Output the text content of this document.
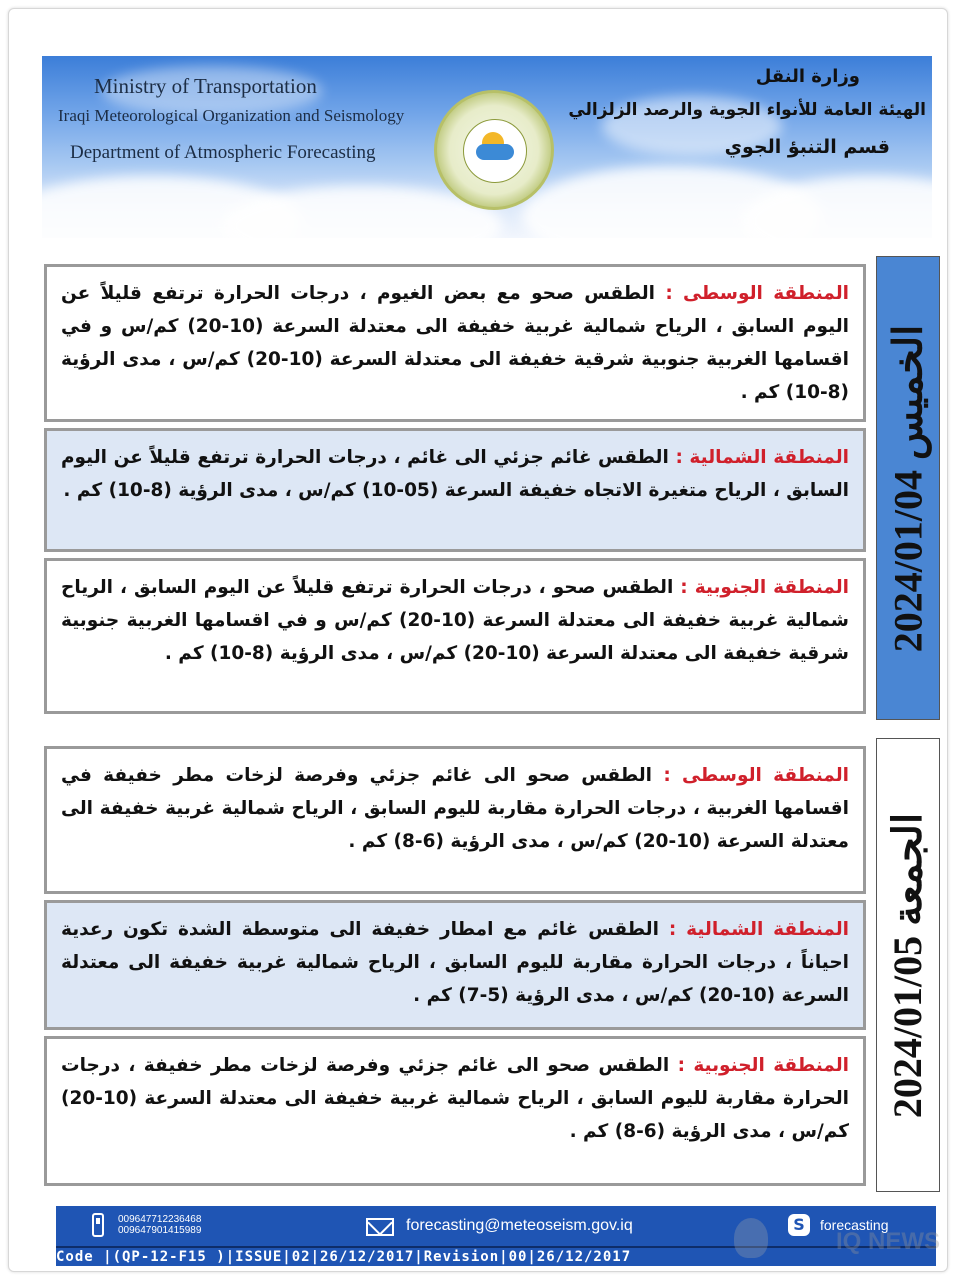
Ministry of Transportation
Iraqi Meteorological Organization and Seismology
Department of Atmospheric Forecasting
وزارة النقل
الهيئة العامة للأنواء الجوية والرصد الزلزالي
قسم التنبؤ الجوي
الخميس 2024/01/04
المنطقة الوسطى : الطقس صحو مع بعض الغيوم ، درجات الحرارة ترتفع قليلاً عن اليوم السابق ، الرياح شمالية غربية خفيفة الى معتدلة السرعة (10-20) كم/س و في اقسامها الغربية جنوبية شرقية خفيفة الى معتدلة السرعة (10-20) كم/س ، مدى الرؤية (8-10) كم .
المنطقة الشمالية : الطقس غائم جزئي الى غائم ، درجات الحرارة ترتفع قليلاً عن اليوم السابق ، الرياح متغيرة الاتجاه خفيفة السرعة (05-10) كم/س ، مدى الرؤية (8-10) كم .
المنطقة الجنوبية : الطقس صحو ، درجات الحرارة ترتفع قليلاً عن اليوم السابق ، الرياح شمالية غربية خفيفة الى معتدلة السرعة (10-20) كم/س و في اقسامها الغربية جنوبية شرقية خفيفة الى معتدلة السرعة (10-20) كم/س ، مدى الرؤية (8-10) كم .
الجمعة 2024/01/05
المنطقة الوسطى : الطقس صحو الى غائم جزئي وفرصة لزخات مطر خفيفة في اقسامها الغربية ، درجات الحرارة مقاربة لليوم السابق ، الرياح شمالية غربية خفيفة الى معتدلة السرعة (10-20) كم/س ، مدى الرؤية (6-8) كم .
المنطقة الشمالية : الطقس غائم مع امطار خفيفة الى متوسطة الشدة تكون رعدية احياناً ، درجات الحرارة مقاربة لليوم السابق ، الرياح شمالية غربية خفيفة الى معتدلة السرعة (10-20) كم/س ، مدى الرؤية (5-7) كم .
المنطقة الجنوبية : الطقس صحو الى غائم جزئي وفرصة لزخات مطر خفيفة ، درجات الحرارة مقاربة لليوم السابق ، الرياح شمالية غربية خفيفة الى معتدلة السرعة (10-20) كم/س ، مدى الرؤية (6-8) كم .
009647712236468
009647901415989	forecasting@meteoseism.gov.iq	S	forecasting
Code |(QP-12-F15 )|ISSUE|02|26/12/2017|Revision|00|26/12/2017
IQ NEWS
